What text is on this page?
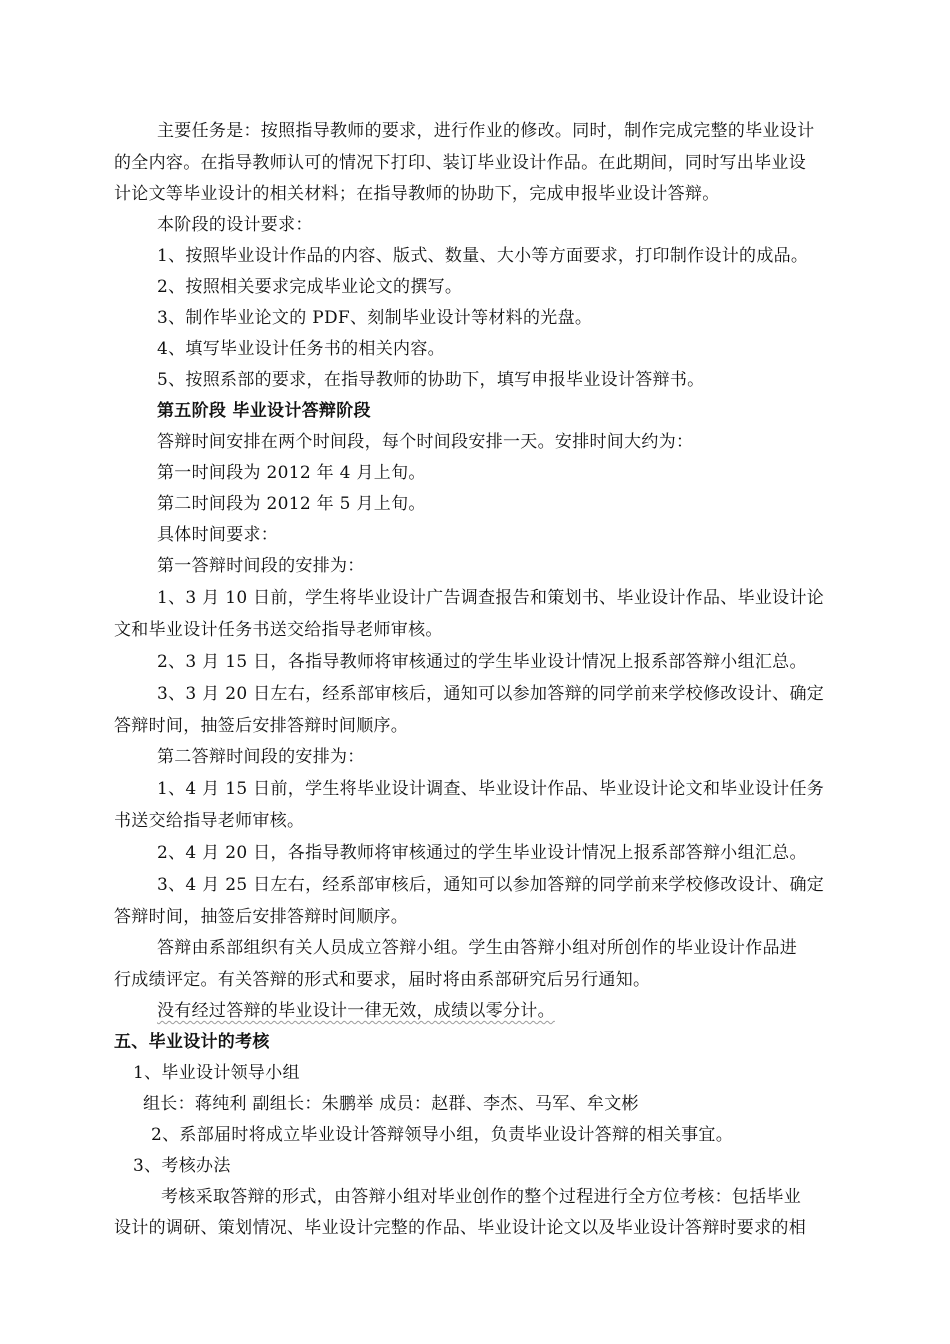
主要任务是：按照指导教师的要求，进行作业的修改。同时，制作完成完整的毕业设计
的全内容。在指导教师认可的情况下打印、装订毕业设计作品。在此期间，同时写出毕业设
计论文等毕业设计的相关材料；在指导教师的协助下，完成申报毕业设计答辩。
本阶段的设计要求：
1、按照毕业设计作品的内容、版式、数量、大小等方面要求，打印制作设计的成品。
2、按照相关要求完成毕业论文的撰写。
3、制作毕业论文的 PDF、刻制毕业设计等材料的光盘。
4、填写毕业设计任务书的相关内容。
5、按照系部的要求，在指导教师的协助下，填写申报毕业设计答辩书。
第五阶段 毕业设计答辩阶段
答辩时间安排在两个时间段，每个时间段安排一天。安排时间大约为：
第一时间段为 2012 年 4 月上旬。
第二时间段为 2012 年 5 月上旬。
具体时间要求：
第一答辩时间段的安排为：
1、3 月 10 日前，学生将毕业设计广告调查报告和策划书、毕业设计作品、毕业设计论
文和毕业设计任务书送交给指导老师审核。
2、3 月 15 日，各指导教师将审核通过的学生毕业设计情况上报系部答辩小组汇总。
3、3 月 20 日左右，经系部审核后，通知可以参加答辩的同学前来学校修改设计、确定
答辩时间，抽签后安排答辩时间顺序。
第二答辩时间段的安排为：
1、4 月 15 日前，学生将毕业设计调查、毕业设计作品、毕业设计论文和毕业设计任务
书送交给指导老师审核。
2、4 月 20 日，各指导教师将审核通过的学生毕业设计情况上报系部答辩小组汇总。
3、4 月 25 日左右，经系部审核后，通知可以参加答辩的同学前来学校修改设计、确定
答辩时间，抽签后安排答辩时间顺序。
答辩由系部组织有关人员成立答辩小组。学生由答辩小组对所创作的毕业设计作品进
行成绩评定。有关答辩的形式和要求，届时将由系部研究后另行通知。
没有经过答辩的毕业设计一律无效，成绩以零分计。
五、毕业设计的考核
1、毕业设计领导小组
组长：蒋纯利 副组长：朱鹏举 成员：赵群、李杰、马军、牟文彬
2、系部届时将成立毕业设计答辩领导小组，负责毕业设计答辩的相关事宜。
3、考核办法
考核采取答辩的形式，由答辩小组对毕业创作的整个过程进行全方位考核：包括毕业
设计的调研、策划情况、毕业设计完整的作品、毕业设计论文以及毕业设计答辩时要求的相
